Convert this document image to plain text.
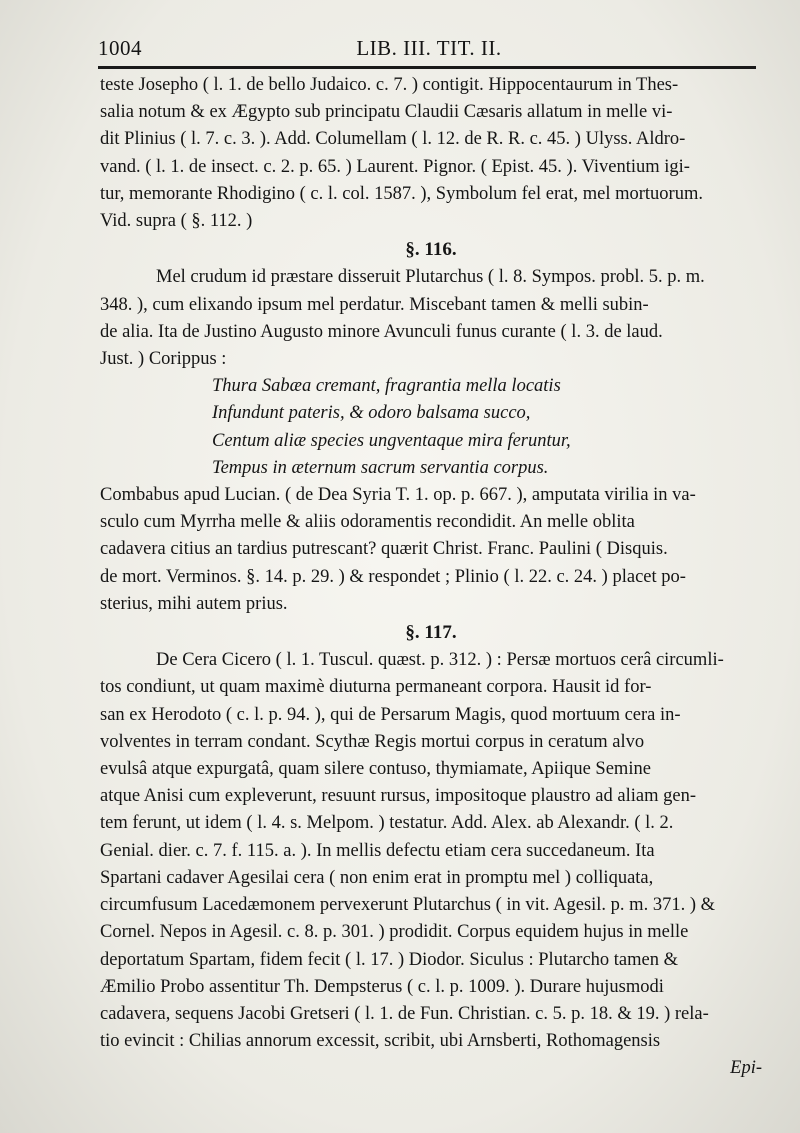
1004	LIB. III. TIT. II.
teste Josepho ( l. 1. de bello Judaico. c. 7. ) contigit. Hippocentaurum in Thes-
salia notum & ex Ægypto sub principatu Claudii Cæsaris allatum in melle vi-
dit Plinius ( l. 7. c. 3. ). Add. Columellam ( l. 12. de R. R. c. 45. ) Ulyss. Aldro-
vand. ( l. 1. de insect. c. 2. p. 65. ) Laurent. Pignor. ( Epist. 45. ). Viventium igi-
tur, memorante Rhodigino ( c. l. col. 1587. ), Symbolum fel erat, mel mortuorum.
Vid. supra ( §. 112. )
§. 116.
Mel crudum id præstare disseruit Plutarchus ( l. 8. Sympos. probl. 5. p. m.
348. ), cum elixando ipsum mel perdatur. Miscebant tamen & melli subin-
de alia. Ita de Justino Augusto minore Avunculi funus curante ( l. 3. de laud.
Just. ) Corippus :
Thura Sabæa cremant, fragrantia mella locatis
Infundunt pateris, & odoro balsama succo,
Centum aliæ species ungventaque mira feruntur,
Tempus in æternum sacrum servantia corpus.
Combabus apud Lucian. ( de Dea Syria T. 1. op. p. 667. ), amputata virilia in va-
sculo cum Myrrha melle & aliis odoramentis recondidit. An melle oblita
cadavera citius an tardius putrescant? quærit Christ. Franc. Paulini ( Disquis.
de mort. Verminos. §. 14. p. 29. ) & respondet ; Plinio ( l. 22. c. 24. ) placet po-
sterius, mihi autem prius.
§. 117.
De Cera Cicero ( l. 1. Tuscul. quæst. p. 312. ) : Persæ mortuos cerâ circumli-
tos condiunt, ut quam maximè diuturna permaneant corpora. Hausit id for-
san ex Herodoto ( c. l. p. 94. ), qui de Persarum Magis, quod mortuum cera in-
volventes in terram condant. Scythæ Regis mortui corpus in ceratum alvo
evulsâ atque expurgatâ, quam silere contuso, thymiamate, Apiique Semine
atque Anisi cum expleverunt, resuunt rursus, impositoque plaustro ad aliam gen-
tem ferunt, ut idem ( l. 4. s. Melpom. ) testatur. Add. Alex. ab Alexandr. ( l. 2.
Genial. dier. c. 7. f. 115. a. ). In mellis defectu etiam cera succedaneum. Ita
Spartani cadaver Agesilai cera ( non enim erat in promptu mel ) colliquata,
circumfusum Lacedæmonem pervexerunt Plutarchus ( in vit. Agesil. p. m. 371. ) &
Cornel. Nepos in Agesil. c. 8. p. 301. ) prodidit. Corpus equidem hujus in melle
deportatum Spartam, fidem fecit ( l. 17. ) Diodor. Siculus : Plutarcho tamen &
Æmilio Probo assentitur Th. Dempsterus ( c. l. p. 1009. ). Durare hujusmodi
cadavera, sequens Jacobi Gretseri ( l. 1. de Fun. Christian. c. 5. p. 18. & 19. ) rela-
tio evincit : Chilias annorum excessit, scribit, ubi Arnsberti, Rothomagensis
Epi-
